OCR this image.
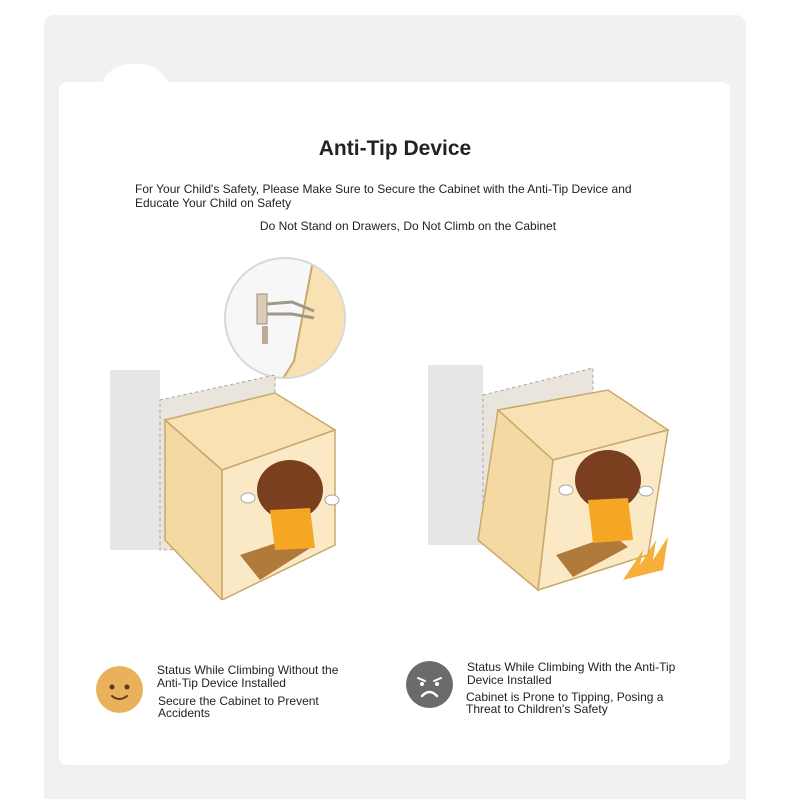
Anti-Tip Device
For Your Child's Safety, Please Make Sure to Secure the Cabinet with the Anti-Tip Device and Educate Your Child on Safety
Do Not Stand on Drawers, Do Not Climb on the Cabinet
Status While Climbing Without the Anti-Tip Device Installed
Secure the Cabinet to Prevent Accidents
Status While Climbing With the Anti-Tip Device Installed
Cabinet is Prone to Tipping, Posing a Threat to Children's Safety
